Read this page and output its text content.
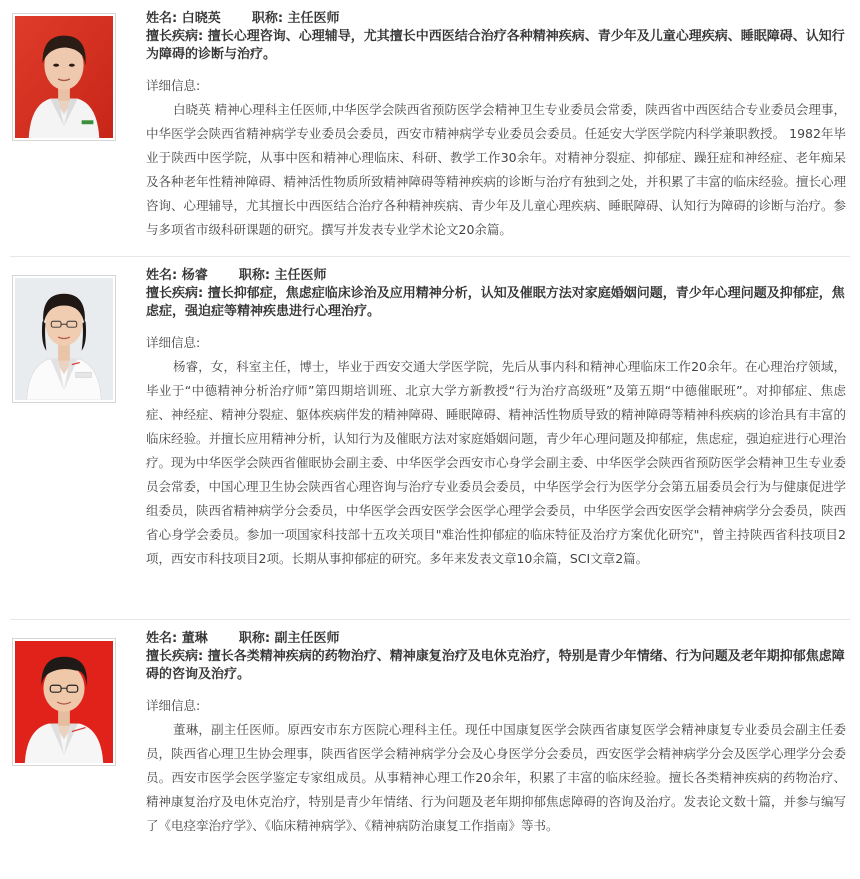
姓名: 白晓英 职称: 主任医师
擅长疾病: 擅长心理咨询、心理辅导，尤其擅长中西医结合治疗各种精神疾病、青少年及儿童心理疾病、睡眠障碍、认知行为障碍的诊断与治疗。
详细信息:
白晓英 精神心理科主任医师,中华医学会陕西省预防医学会精神卫生专业委员会常委，陕西省中西医结合专业委员会理事，中华医学会陕西省精神病学专业委员会委员，西安市精神病学专业委员会委员。任延安大学医学院内科学兼职教授。 1982年毕业于陕西中医学院，从事中医和精神心理临床、科研、教学工作30余年。对精神分裂症、抑郁症、躁狂症和神经症、老年痴呆及各种老年性精神障碍、精神活性物质所致精神障碍等精神疾病的诊断与治疗有独到之处，并积累了丰富的临床经验。擅长心理咨询、心理辅导，尤其擅长中西医结合治疗各种精神疾病、青少年及儿童心理疾病、睡眠障碍、认知行为障碍的诊断与治疗。参与多项省市级科研课题的研究。撰写并发表专业学术论文20余篇。
姓名: 杨睿 职称: 主任医师
擅长疾病: 擅长抑郁症，焦虑症临床诊治及应用精神分析，认知及催眠方法对家庭婚姻问题，青少年心理问题及抑郁症，焦虑症，强迫症等精神疾患进行心理治疗。
详细信息:
杨睿，女，科室主任，博士，毕业于西安交通大学医学院，先后从事内科和精神心理临床工作20余年。在心理治疗领域，毕业于“中德精神分析治疗师”第四期培训班、北京大学方新教授“行为治疗高级班”及第五期“中德催眠班”。对抑郁症、焦虑症、神经症、精神分裂症、躯体疾病伴发的精神障碍、睡眠障碍、精神活性物质导致的精神障碍等精神科疾病的诊治具有丰富的临床经验。并擅长应用精神分析，认知行为及催眠方法对家庭婚姻问题，青少年心理问题及抑郁症，焦虑症，强迫症进行心理治疗。现为中华医学会陕西省催眠协会副主委、中华医学会西安市心身学会副主委、中华医学会陕西省预防医学会精神卫生专业委员会常委，中国心理卫生协会陕西省心理咨询与治疗专业委员会委员，中华医学会行为医学分会第五届委员会行为与健康促进学组委员，陕西省精神病学分会委员，中华医学会西安医学会医学心理学会委员，中华医学会西安医学会精神病学分会委员，陕西省心身学会委员。参加一项国家科技部十五攻关项目"难治性抑郁症的临床特征及治疗方案优化研究"，曾主持陕西省科技项目2项，西安市科技项目2项。长期从事抑郁症的研究。多年来发表文章10余篇，SCI文章2篇。
姓名: 董琳 职称: 副主任医师
擅长疾病: 擅长各类精神疾病的药物治疗、精神康复治疗及电休克治疗，特别是青少年情绪、行为问题及老年期抑郁焦虑障碍的咨询及治疗。
详细信息:
董琳，副主任医师。原西安市东方医院心理科主任。现任中国康复医学会陕西省康复医学会精神康复专业委员会副主任委员，陕西省心理卫生协会理事，陕西省医学会精神病学分会及心身医学分会委员，西安医学会精神病学分会及医学心理学分会委员。西安市医学会医学鉴定专家组成员。从事精神心理工作20余年，积累了丰富的临床经验。擅长各类精神疾病的药物治疗、精神康复治疗及电休克治疗，特别是青少年情绪、行为问题及老年期抑郁焦虑障碍的咨询及治疗。发表论文数十篇，并参与编写了《电痉挛治疗学》、《临床精神病学》、《精神病防治康复工作指南》等书。
